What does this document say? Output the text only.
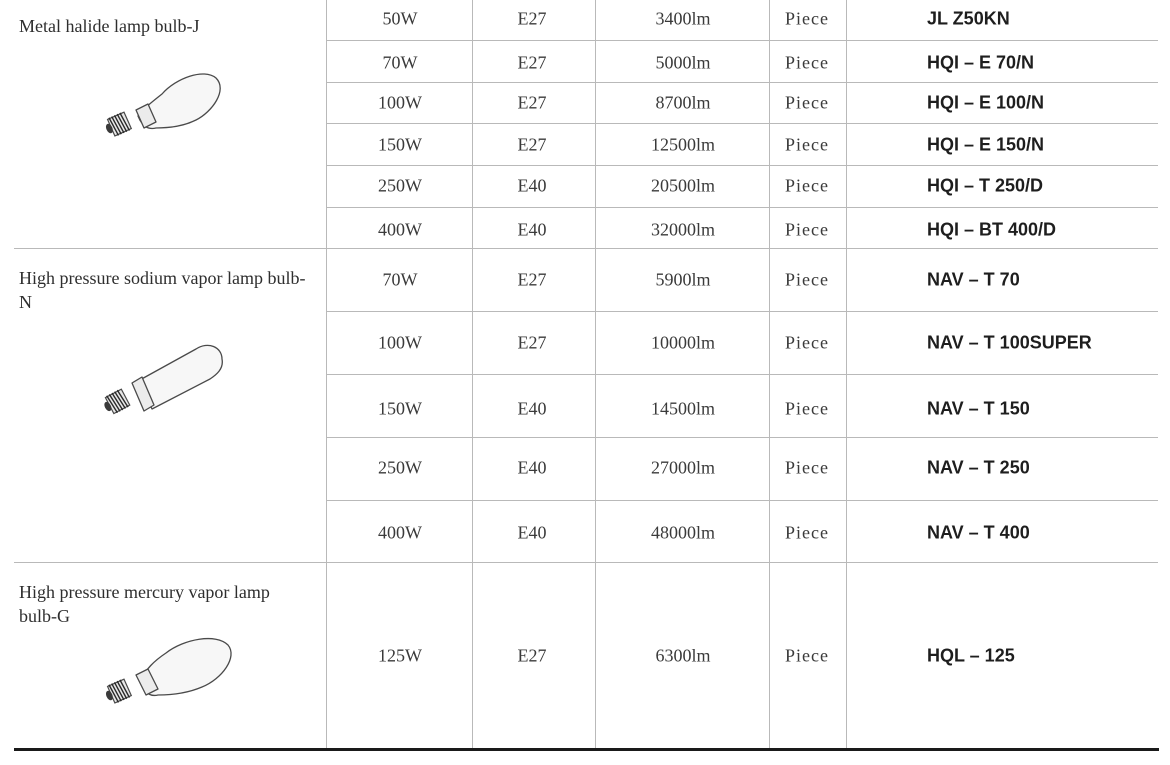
Metal halide lamp bulb-J	50W	E27	3400lm	Piece	JL Z50KN
70W	E27	5000lm	Piece	HQI – E 70/N
100W	E27	8700lm	Piece	HQI – E 100/N
150W	E27	12500lm	Piece	HQI – E 150/N
250W	E40	20500lm	Piece	HQI – T 250/D
400W	E40	32000lm	Piece	HQI – BT 400/D
High pressure sodium vapor lamp bulb-N
70W	E27	5900lm	Piece	NAV – T 70
100W	E27	10000lm	Piece	NAV – T 100SUPER
150W	E40	14500lm	Piece	NAV – T 150
250W	E40	27000lm	Piece	NAV – T 250
400W	E40	48000lm	Piece	NAV – T 400
High pressure mercury vapor lamp bulb-G
125W	E27	6300lm	Piece	HQL – 125
